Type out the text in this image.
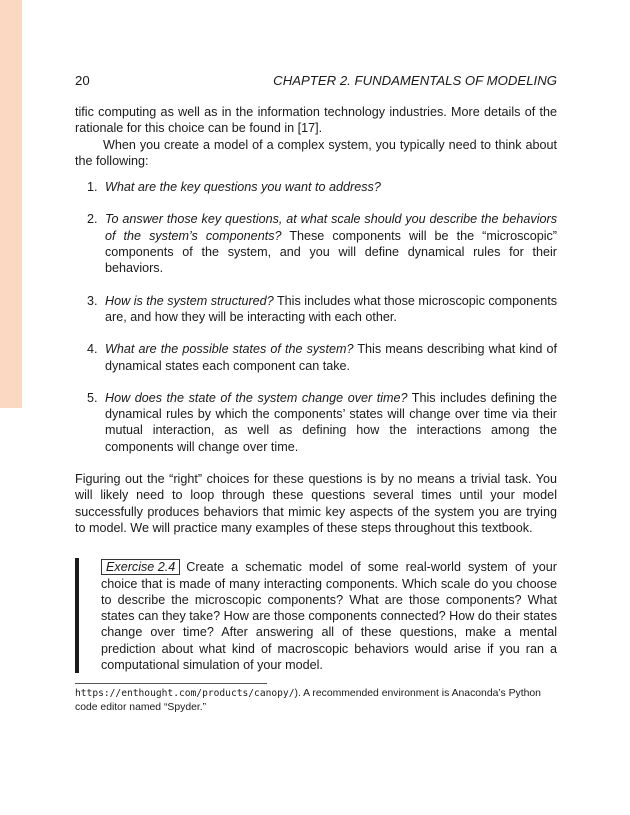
20	CHAPTER 2. FUNDAMENTALS OF MODELING

tific computing as well as in the information technology industries. More details of the rationale for this choice can be found in [17].

When you create a model of a complex system, you typically need to think about the following:

1. What are the key questions you want to address?
2. To answer those key questions, at what scale should you describe the behaviors of the system’s components? These components will be the “microscopic” components of the system, and you will define dynamical rules for their behaviors.
3. How is the system structured? This includes what those microscopic components are, and how they will be interacting with each other.
4. What are the possible states of the system? This means describing what kind of dynamical states each component can take.
5. How does the state of the system change over time? This includes defining the dynamical rules by which the components’ states will change over time via their mutual interaction, as well as defining how the interactions among the components will change over time.

Figuring out the “right” choices for these questions is by no means a trivial task. You will likely need to loop through these questions several times until your model successfully produces behaviors that mimic key aspects of the system you are trying to model. We will practice many examples of these steps throughout this textbook.

Exercise 2.4 Create a schematic model of some real-world system of your choice that is made of many interacting components. Which scale do you choose to describe the microscopic components? What are those components? What states can they take? How are those components connected? How do their states change over time? After answering all of these questions, make a mental prediction about what kind of macroscopic behaviors would arise if you ran a computational simulation of your model.
https://enthought.com/products/canopy/). A recommended environment is Anaconda’s Python code editor named “Spyder.”
